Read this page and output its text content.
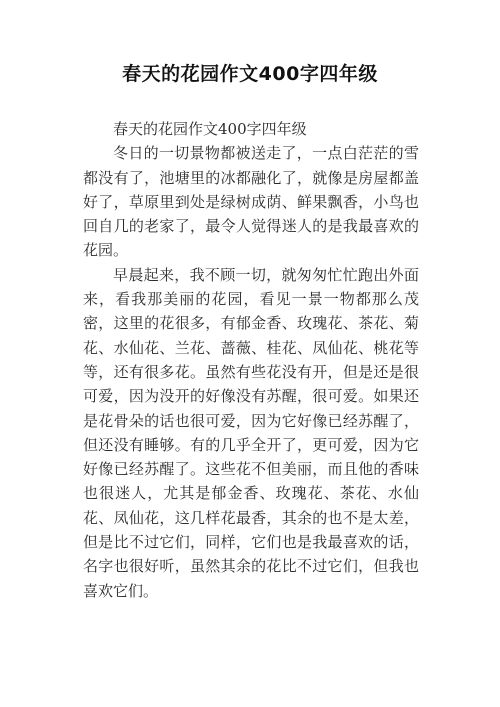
春天的花园作文400字四年级

春天的花园作文400字四年级

冬日的一切景物都被送走了，一点白茫茫的雪都没有了，池塘里的冰都融化了，就像是房屋都盖好了，草原里到处是绿树成荫、鲜果飘香，小鸟也回自几的老家了，最令人觉得迷人的是我最喜欢的花园。

早晨起来，我不顾一切，就匆匆忙忙跑出外面来，看我那美丽的花园，看见一景一物都那么茂密，这里的花很多，有郁金香、玫瑰花、茶花、菊花、水仙花、兰花、蔷薇、桂花、凤仙花、桃花等等，还有很多花。虽然有些花没有开，但是还是很可爱，因为没开的好像没有苏醒，很可爱。如果还是花骨朵的话也很可爱，因为它好像已经苏醒了，但还没有睡够。有的几乎全开了，更可爱，因为它好像已经苏醒了。这些花不但美丽，而且他的香味也很迷人，尤其是郁金香、玫瑰花、茶花、水仙花、凤仙花，这几样花最香，其余的也不是太差，但是比不过它们，同样，它们也是我最喜欢的话，名字也很好听，虽然其余的花比不过它们，但我也喜欢它们。
